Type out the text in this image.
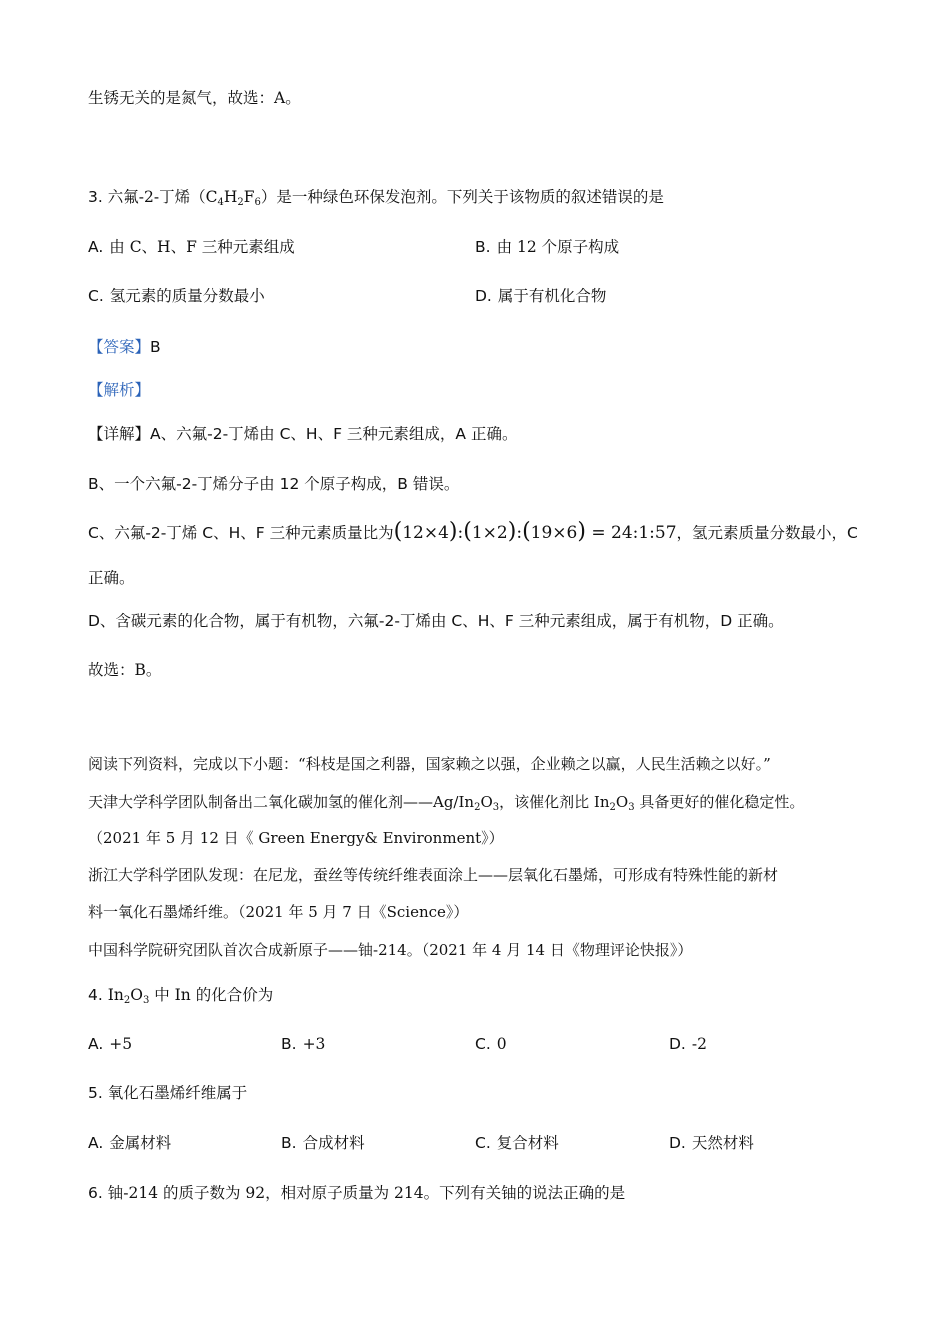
生锈无关的是氮气，故选：A。
3. 六氟-2-丁烯$(C_4H_2F_6)$是一种绿色环保发泡剂。下列关于该物质的叙述错误的是
A. 由 C、H、F 三种元素组成	B. 由 12 个原子构成
C. 氢元素的质量分数最小	D. 属于有机化合物
【答案】B
【解析】
【详解】A、六氟-2-丁烯由 C、H、F 三种元素组成，A 正确。
B、一个六氟-2-丁烯分子由 12 个原子构成，B 错误。
C、六氟-2-丁烯 C、H、F 三种元素质量比为(12×4):(1×2):(19×6) = 24:1:57，氢元素质量分数最小，C
正确。
D、含碳元素的化合物，属于有机物，六氟-2-丁烯由 C、H、F 三种元素组成，属于有机物，D 正确。
故选：B。
阅读下列资料，完成以下小题：“科枝是国之利器，国家赖之以强，企业赖之以赢，人民生活赖之以好。”
天津大学科学团队制备出二氧化碳加氢的催化剂$——Ag/In_2O_3$，该催化剂比 $In_2O_3$ 具备更好的催化稳定性。
（2021 年 5 月 12 日《 Green Energy& Environment》）
浙江大学科学团队发现：在尼龙，蚕丝等传统纤维表面涂上——层氧化石墨烯，可形成有特殊性能的新材
料一氧化石墨烯纤维。（2021 年 5 月 7 日《Science》）
中国科学院研究团队首次合成新原子——铀-214。（2021 年 4 月 14 日《物理评论快报》）
4. $In_2O_3$ 中 In 的化合价为
A. +5	B. +3	C. 0	D. -2
5. 氧化石墨烯纤维属于
A. 金属材料	B. 合成材料	C. 复合材料	D. 天然材料
6. 铀-214 的质子数为 92，相对原子质量为 214。下列有关铀的说法正确的是
